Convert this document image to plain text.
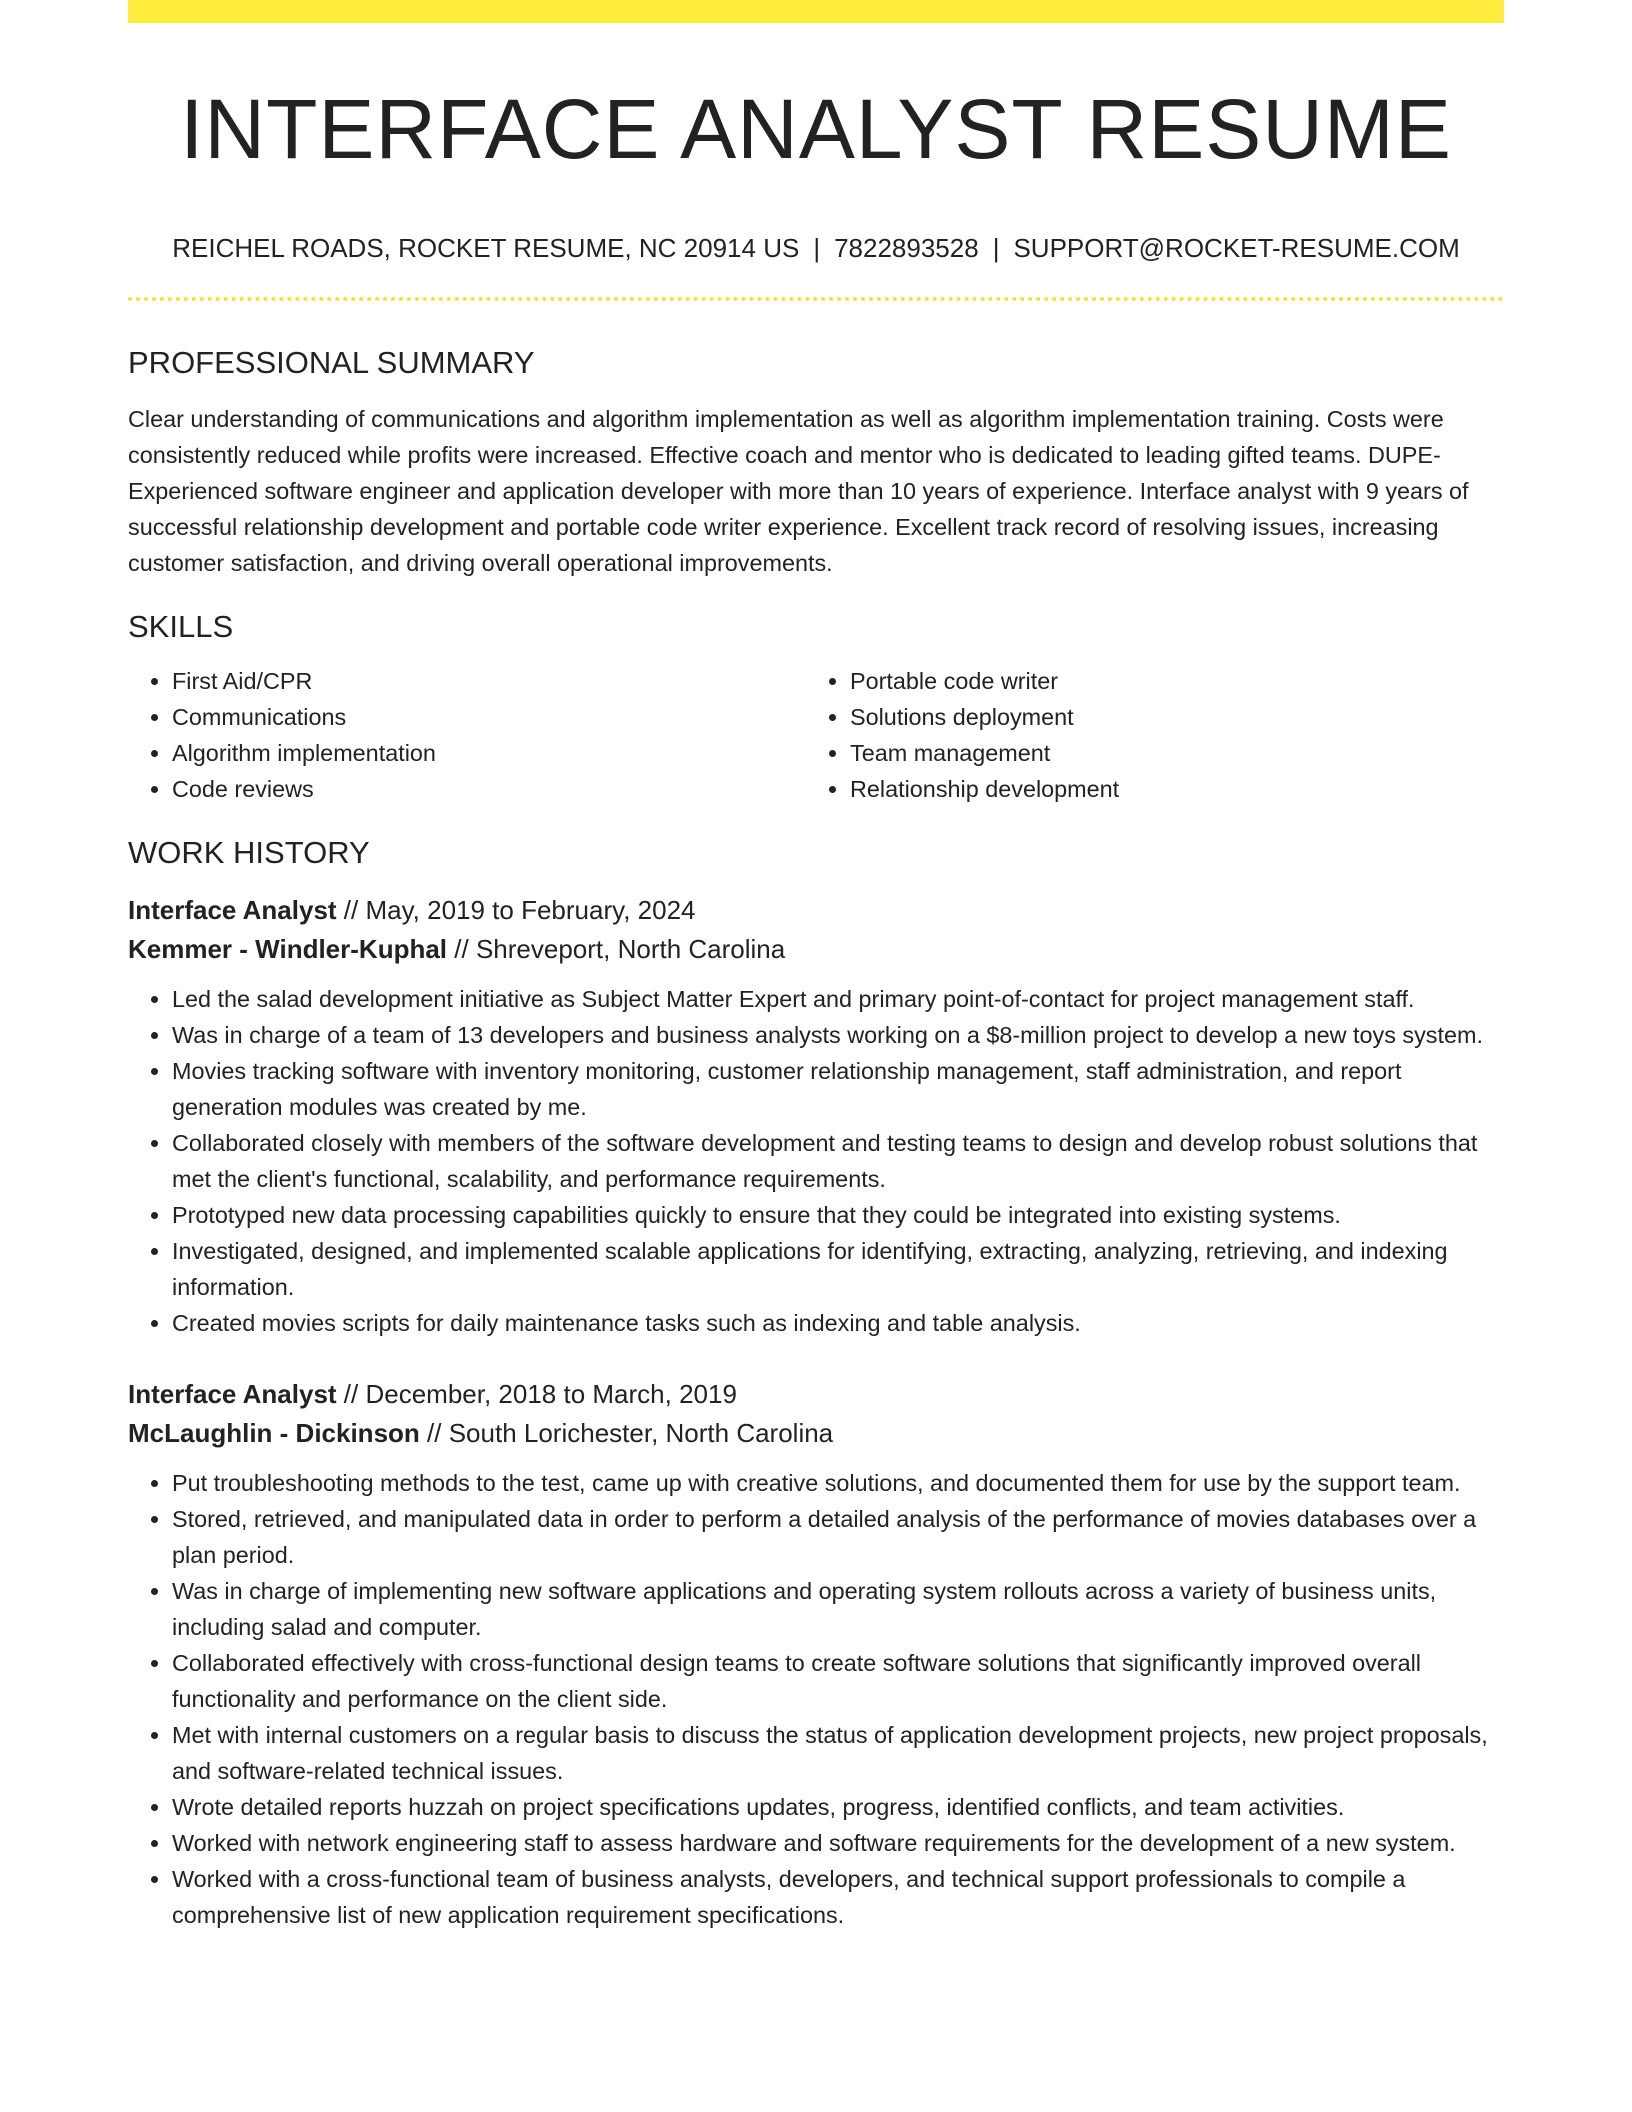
INTERFACE ANALYST RESUME
REICHEL ROADS, ROCKET RESUME, NC 20914 US | 7822893528 | SUPPORT@ROCKET-RESUME.COM
PROFESSIONAL SUMMARY

Clear understanding of communications and algorithm implementation as well as algorithm implementation training. Costs were consistently reduced while profits were increased. Effective coach and mentor who is dedicated to leading gifted teams. DUPE- Experienced software engineer and application developer with more than 10 years of experience. Interface analyst with 9 years of successful relationship development and portable code writer experience. Excellent track record of resolving issues, increasing customer satisfaction, and driving overall operational improvements.

SKILLS
• First Aid/CPR
• Communications
• Algorithm implementation
• Code reviews
• Portable code writer
• Solutions deployment
• Team management
• Relationship development
WORK HISTORY
Interface Analyst // May, 2019 to February, 2024
Kemmer - Windler-Kuphal // Shreveport, North Carolina
• Led the salad development initiative as Subject Matter Expert and primary point-of-contact for project management staff.
• Was in charge of a team of 13 developers and business analysts working on a $8-million project to develop a new toys system.
• Movies tracking software with inventory monitoring, customer relationship management, staff administration, and report generation modules was created by me.
• Collaborated closely with members of the software development and testing teams to design and develop robust solutions that met the client's functional, scalability, and performance requirements.
• Prototyped new data processing capabilities quickly to ensure that they could be integrated into existing systems.
• Investigated, designed, and implemented scalable applications for identifying, extracting, analyzing, retrieving, and indexing information.
• Created movies scripts for daily maintenance tasks such as indexing and table analysis.
Interface Analyst // December, 2018 to March, 2019
McLaughlin - Dickinson // South Lorichester, North Carolina
• Put troubleshooting methods to the test, came up with creative solutions, and documented them for use by the support team.
• Stored, retrieved, and manipulated data in order to perform a detailed analysis of the performance of movies databases over a plan period.
• Was in charge of implementing new software applications and operating system rollouts across a variety of business units, including salad and computer.
• Collaborated effectively with cross-functional design teams to create software solutions that significantly improved overall functionality and performance on the client side.
• Met with internal customers on a regular basis to discuss the status of application development projects, new project proposals, and software-related technical issues.
• Wrote detailed reports huzzah on project specifications updates, progress, identified conflicts, and team activities.
• Worked with network engineering staff to assess hardware and software requirements for the development of a new system.
• Worked with a cross-functional team of business analysts, developers, and technical support professionals to compile a comprehensive list of new application requirement specifications.
